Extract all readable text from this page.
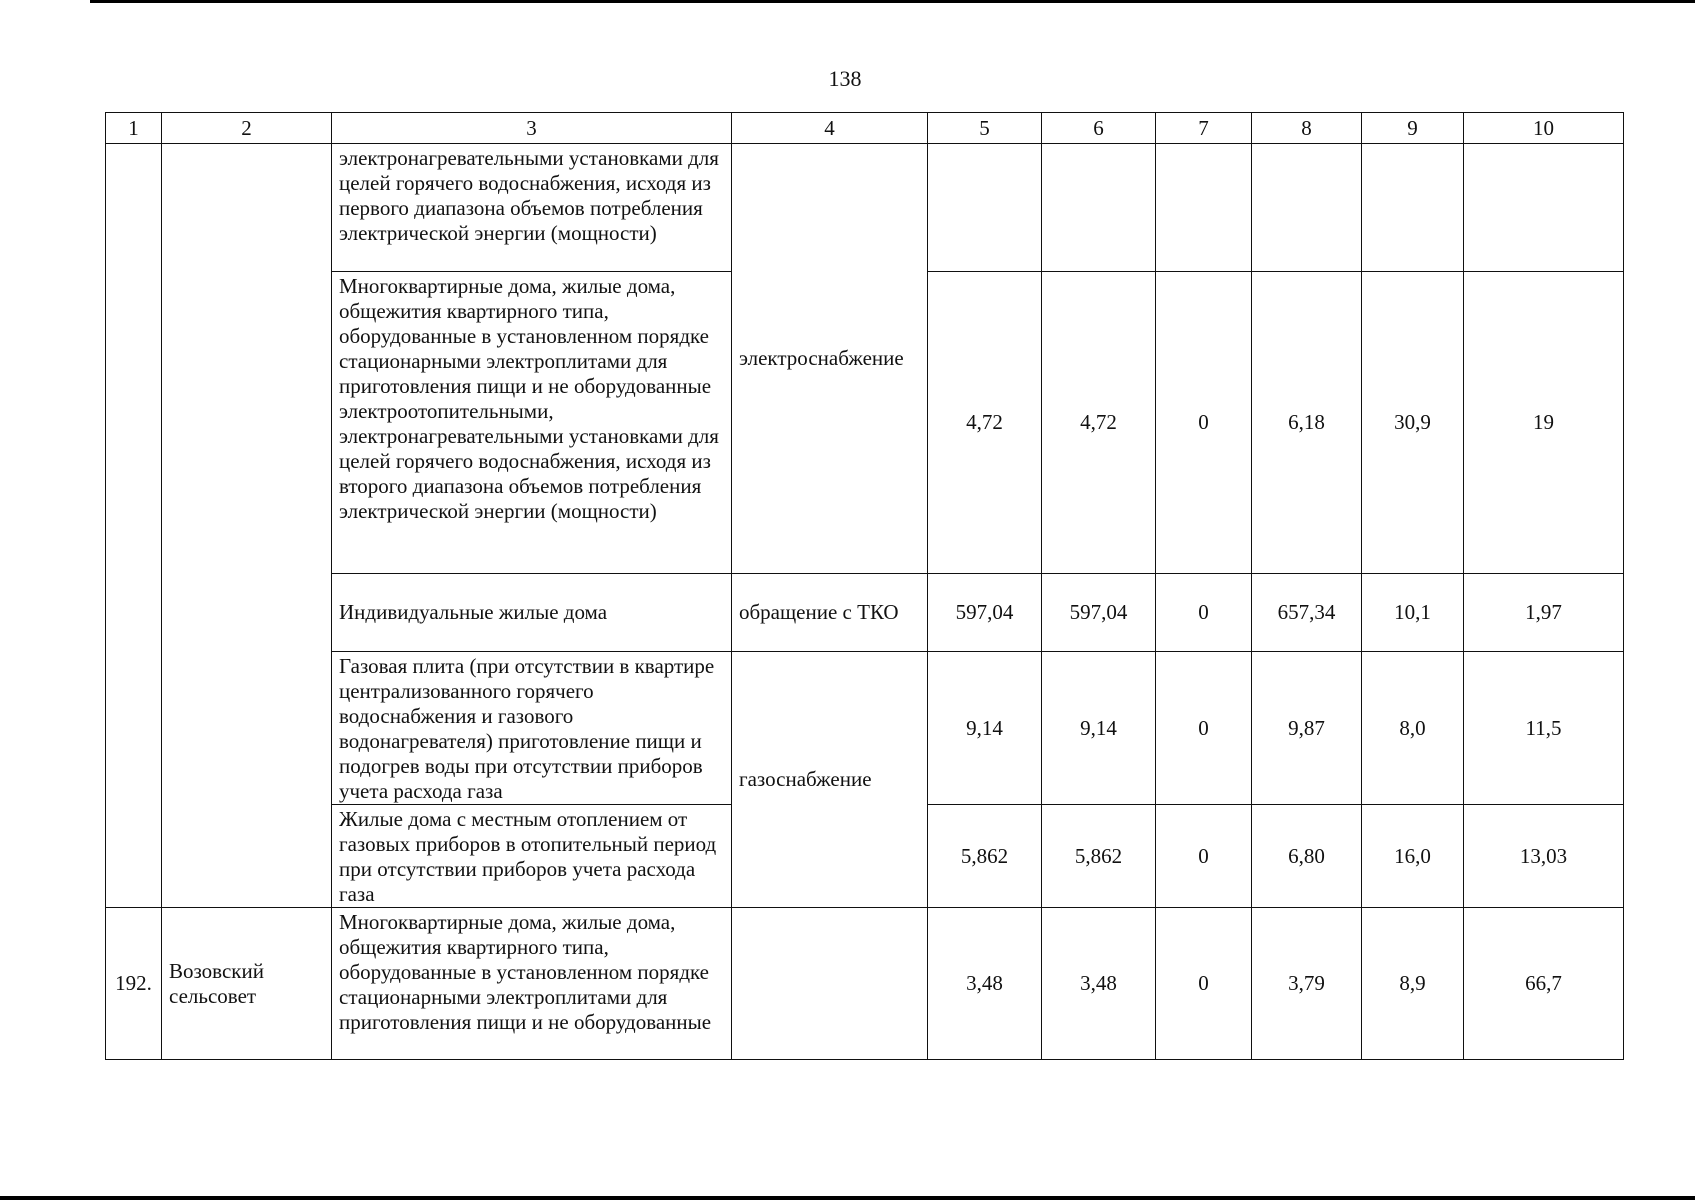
138
1	2	3	4	5	6	7	8	9	10
		электронагревательными установками для целей горячего водоснабжения, исходя из первого диапазона объемов потребления электрической энергии (мощности)	электроснабжение						
		Многоквартирные дома, жилые дома, общежития квартирного типа, оборудованные в установленном порядке стационарными электроплитами для приготовления пищи и не оборудованные электроотопительными, электронагревательными установками для целей горячего водоснабжения, исходя из второго диапазона объемов потребления электрической энергии (мощности)		4,72	4,72	0	6,18	30,9	19
		Индивидуальные жилые дома	обращение с ТКО	597,04	597,04	0	657,34	10,1	1,97
		Газовая плита (при отсутствии в квартире централизованного горячего водоснабжения и газового водонагревателя) приготовление пищи и подогрев воды при отсутствии приборов учета расхода газа	газоснабжение	9,14	9,14	0	9,87	8,0	11,5
		Жилые дома с местным отоплением от газовых приборов в отопительный период при отсутствии приборов учета расхода газа		5,862	5,862	0	6,80	16,0	13,03
192.	Возовский сельсовет	Многоквартирные дома, жилые дома, общежития квартирного типа, оборудованные в установленном порядке стационарными электроплитами для приготовления пищи и не оборудованные		3,48	3,48	0	3,79	8,9	66,7
